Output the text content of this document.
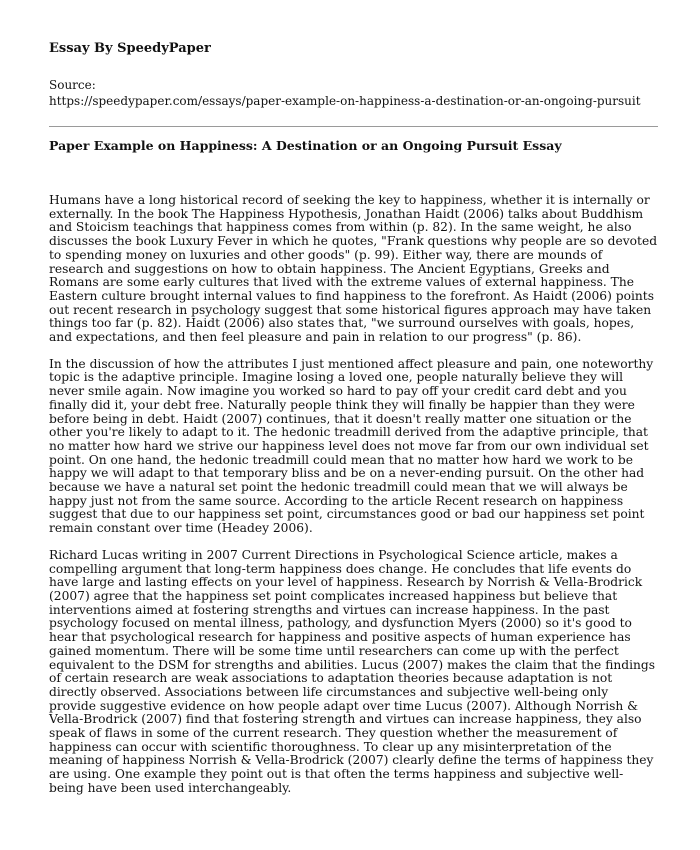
Essay By SpeedyPaper

Source:

https://speedypaper.com/essays/paper-example-on-happiness-a-destination-or-an-ongoing-pursuit

Paper Example on Happiness: A Destination or an Ongoing Pursuit Essay

Humans have a long historical record of seeking the key to happiness, whether it is internally or externally. In the book The Happiness Hypothesis, Jonathan Haidt (2006) talks about Buddhism and Stoicism teachings that happiness comes from within (p. 82). In the same weight, he also discusses the book Luxury Fever in which he quotes, "Frank questions why people are so devoted to spending money on luxuries and other goods" (p. 99). Either way, there are mounds of research and suggestions on how to obtain happiness. The Ancient Egyptians, Greeks and Romans are some early cultures that lived with the extreme values of external happiness. The Eastern culture brought internal values to find happiness to the forefront. As Haidt (2006) points out recent research in psychology suggest that some historical figures approach may have taken things too far (p. 82). Haidt (2006) also states that, "we surround ourselves with goals, hopes, and expectations, and then feel pleasure and pain in relation to our progress" (p. 86).

In the discussion of how the attributes I just mentioned affect pleasure and pain, one noteworthy topic is the adaptive principle. Imagine losing a loved one, people naturally believe they will never smile again. Now imagine you worked so hard to pay off your credit card debt and you finally did it, your debt free. Naturally people think they will finally be happier than they were before being in debt. Haidt (2007) continues, that it doesn't really matter one situation or the other you're likely to adapt to it. The hedonic treadmill derived from the adaptive principle, that no matter how hard we strive our happiness level does not move far from our own individual set point. On one hand, the hedonic treadmill could mean that no matter how hard we work to be happy we will adapt to that temporary bliss and be on a never-ending pursuit. On the other had because we have a natural set point the hedonic treadmill could mean that we will always be happy just not from the same source. According to the article Recent research on happiness suggest that due to our happiness set point, circumstances good or bad our happiness set point remain constant over time (Headey 2006).

Richard Lucas writing in 2007 Current Directions in Psychological Science article, makes a compelling argument that long-term happiness does change. He concludes that life events do have large and lasting effects on your level of happiness. Research by Norrish & Vella-Brodrick (2007) agree that the happiness set point complicates increased happiness but believe that interventions aimed at fostering strengths and virtues can increase happiness. In the past psychology focused on mental illness, pathology, and dysfunction Myers (2000) so it's good to hear that psychological research for happiness and positive aspects of human experience has gained momentum. There will be some time until researchers can come up with the perfect equivalent to the DSM for strengths and abilities. Lucus (2007) makes the claim that the findings of certain research are weak associations to adaptation theories because adaptation is not directly observed. Associations between life circumstances and subjective well-being only provide suggestive evidence on how people adapt over time Lucus (2007). Although Norrish & Vella-Brodrick (2007) find that fostering strength and virtues can increase happiness, they also speak of flaws in some of the current research. They question whether the measurement of happiness can occur with scientific thoroughness. To clear up any misinterpretation of the meaning of happiness Norrish & Vella-Brodrick (2007) clearly define the terms of happiness they are using. One example they point out is that often the terms happiness and subjective well-being have been used interchangeably.
